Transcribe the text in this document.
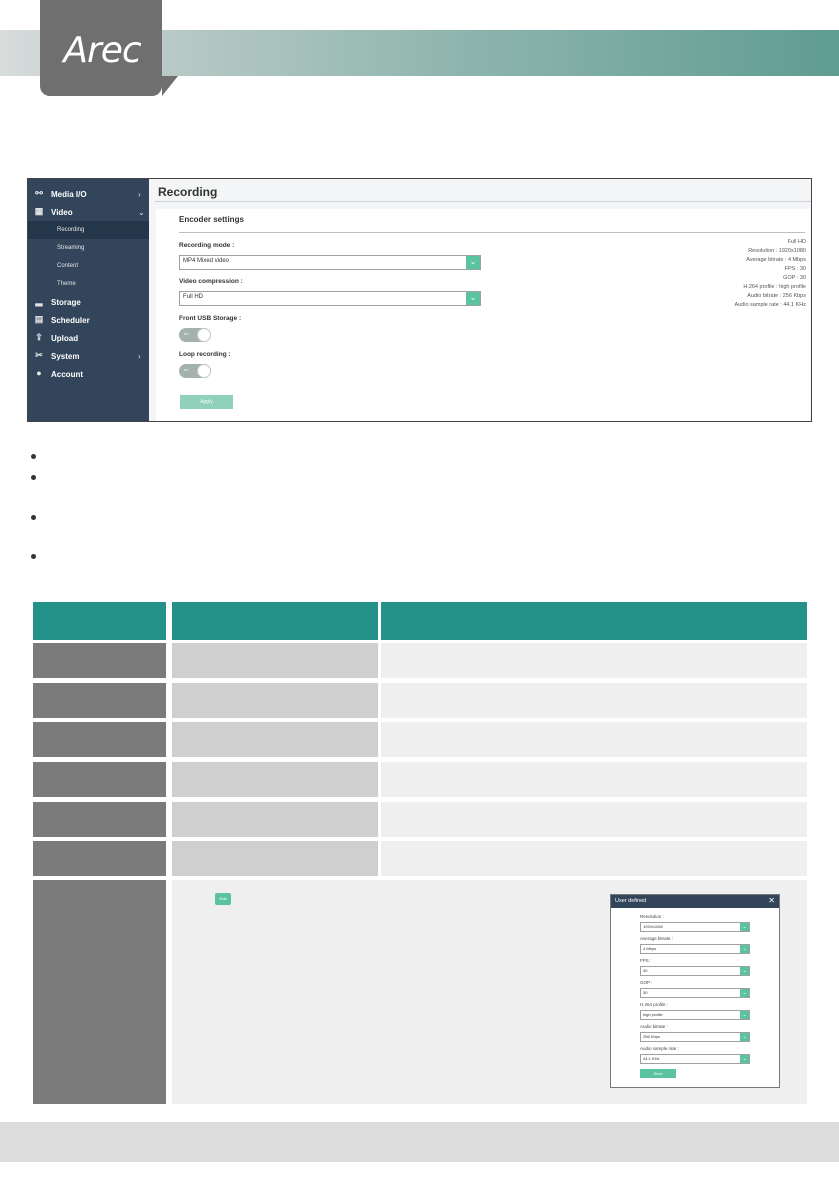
Arec
⚯ Media I/O	›
▦ Video	⌄
Recording
Streaming
Content
Theme
▂ Storage
▤ Scheduler
⇪ Upload
✂ System	›
● Account
Recording
Encoder settings
Recording mode :
MP4 Mixed video	⌄
Video compression :
Full HD	⌄
Front USB Storage :
on
Loop recording :
on
Apply
Full HD
Resolution : 1920x1080
Average bitrate : 4 Mbps
FPS : 30
GOP : 30
H.264 profile : high profile
Audio bitrate : 256 Kbps
Audio sample rate : 44.1 KHz
Edit	User defined	✕
Resolution :
1920x1080	⌄
Average bitrate :
4 Mbps	⌄
FPS :
30	⌄
GOP :
30	⌄
H.264 profile :
high profile	⌄
Audio bitrate :
256 Kbps	⌄
Audio sample rate :
44.1 KHz	⌄
Save
